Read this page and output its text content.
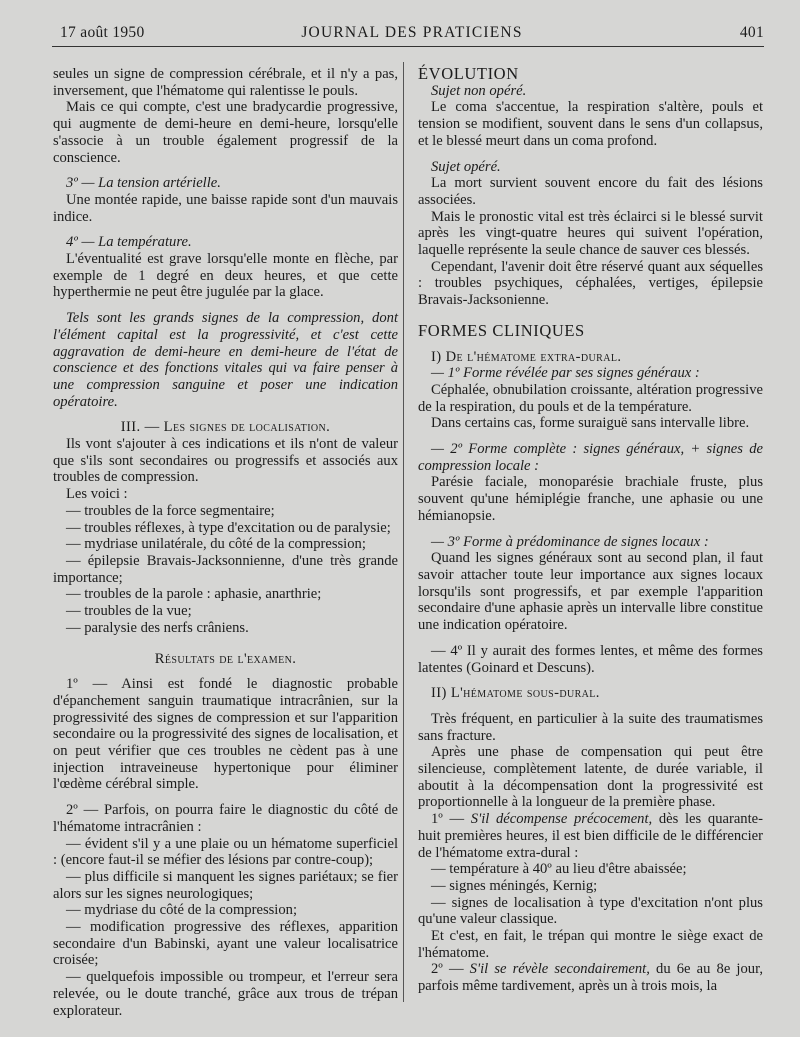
17 août 1950	JOURNAL DES PRATICIENS	401

seules un signe de compression cérébrale, et il n'y a pas, inversement, que l'hématome qui ralentisse le pouls.

Mais ce qui compte, c'est une bradycardie progressive, qui augmente de demi-heure en demi-heure, lorsqu'elle s'associe à un trouble également progressif de la conscience.

3º — La tension artérielle.

Une montée rapide, une baisse rapide sont d'un mauvais indice.

4º — La température.

L'éventualité est grave lorsqu'elle monte en flèche, par exemple de 1 degré en deux heures, et que cette hyperthermie ne peut être jugulée par la glace.

Tels sont les grands signes de la compression, dont l'élément capital est la progressivité, et c'est cette aggravation de demi-heure en demi-heure de l'état de conscience et des fonctions vitales qui va faire penser à une compression sanguine et poser une indication opératoire.

III. — Les signes de localisation.

Ils vont s'ajouter à ces indications et ils n'ont de valeur que s'ils sont secondaires ou progressifs et associés aux troubles de compression.

Les voici :

— troubles de la force segmentaire;

— troubles réflexes, à type d'excitation ou de paralysie;

— mydriase unilatérale, du côté de la compression;

— épilepsie Bravais-Jacksonnienne, d'une très grande importance;

— troubles de la parole : aphasie, anarthrie;

— troubles de la vue;

— paralysie des nerfs crâniens.

Résultats de l'examen.

1º — Ainsi est fondé le diagnostic probable d'épanchement sanguin traumatique intracrânien, sur la progressivité des signes de compression et sur l'apparition secondaire ou la progressivité des signes de localisation, et on peut vérifier que ces troubles ne cèdent pas à une injection intraveineuse hypertonique pour éliminer l'œdème cérébral simple.

2º — Parfois, on pourra faire le diagnostic du côté de l'hématome intracrânien :

— évident s'il y a une plaie ou un hématome superficiel : (encore faut-il se méfier des lésions par contre-coup);

— plus difficile si manquent les signes pariétaux; se fier alors sur les signes neurologiques;

— mydriase du côté de la compression;

— modification progressive des réflexes, apparition secondaire d'un Babinski, ayant une valeur localisatrice croisée;

— quelquefois impossible ou trompeur, et l'erreur sera relevée, ou le doute tranché, grâce aux trous de trépan explorateur.

ÉVOLUTION

Sujet non opéré.

Le coma s'accentue, la respiration s'altère, pouls et tension se modifient, souvent dans le sens d'un collapsus, et le blessé meurt dans un coma profond.

Sujet opéré.

La mort survient souvent encore du fait des lésions associées.

Mais le pronostic vital est très éclairci si le blessé survit après les vingt-quatre heures qui suivent l'opération, laquelle représente la seule chance de sauver ces blessés.

Cependant, l'avenir doit être réservé quant aux séquelles : troubles psychiques, céphalées, vertiges, épilepsie Bravais-Jacksonienne.

FORMES CLINIQUES

I) De l'hématome extra-dural.

— 1º Forme révélée par ses signes généraux :

Céphalée, obnubilation croissante, altération progressive de la respiration, du pouls et de la température.

Dans certains cas, forme suraiguë sans intervalle libre.

— 2º Forme complète : signes généraux, + signes de compression locale :

Parésie faciale, monoparésie brachiale fruste, plus souvent qu'une hémiplégie franche, une aphasie ou une hémianopsie.

— 3º Forme à prédominance de signes locaux :

Quand les signes généraux sont au second plan, il faut savoir attacher toute leur importance aux signes locaux lorsqu'ils sont progressifs, et par exemple l'apparition secondaire d'une aphasie après un intervalle libre constitue une indication opératoire.

— 4º Il y aurait des formes lentes, et même des formes latentes (Goinard et Descuns).

II) L'hématome sous-dural.

Très fréquent, en particulier à la suite des traumatismes sans fracture.

Après une phase de compensation qui peut être silencieuse, complètement latente, de durée variable, il aboutit à la décompensation dont la progressivité est proportionnelle à la longueur de la première phase.

1º — S'il décompense précocement, dès les quarante-huit premières heures, il est bien difficile de le différencier de l'hématome extra-dural :

— température à 40º au lieu d'être abaissée;

— signes méningés, Kernig;

— signes de localisation à type d'excitation n'ont plus qu'une valeur classique.

Et c'est, en fait, le trépan qui montre le siège exact de l'hématome.

2º — S'il se révèle secondairement, du 6e au 8e jour, parfois même tardivement, après un à trois mois, la
